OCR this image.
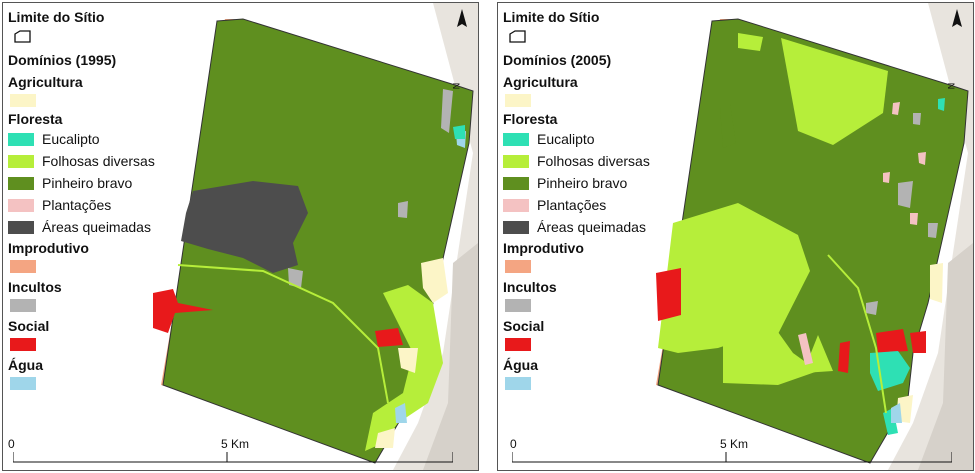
Limite do Sítio
Domínios (1995)
Agricultura
Floresta
Eucalipto
Folhosas diversas
Pinheiro bravo
Plantações
Áreas queimadas
Improdutivo
Incultos
Social
Água
0	5 Km
N
Limite do Sítio
Domínios (2005)
Agricultura
Floresta
Eucalipto
Folhosas diversas
Pinheiro bravo
Plantações
Áreas queimadas
Improdutivo
Incultos
Social
Água
0	5 Km
N
